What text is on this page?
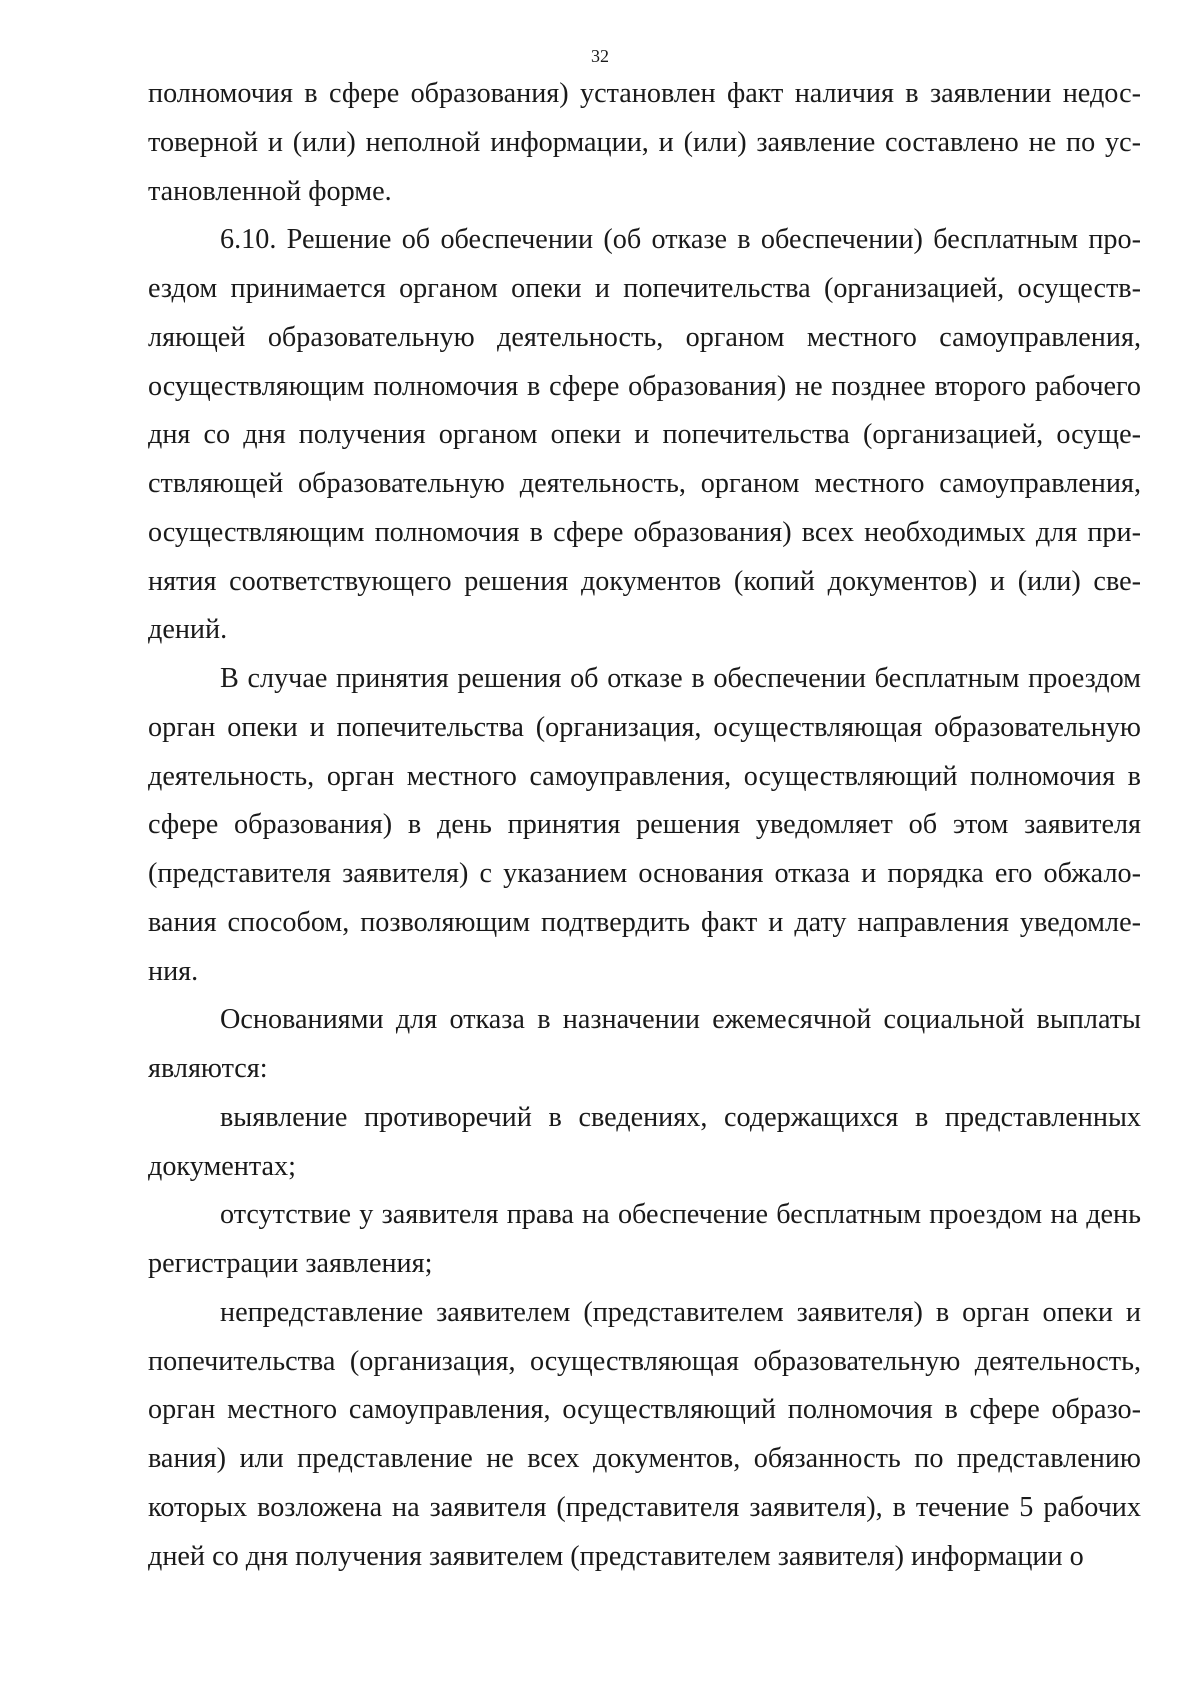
32

полномочия в сфере образования) установлен факт наличия в заявлении недостоверной и (или) неполной информации, и (или) заявление составлено не по установленной форме.

6.10. Решение об обеспечении (об отказе в обеспечении) бесплатным проездом принимается органом опеки и попечительства (организацией, осуществляющей образовательную деятельность, органом местного самоуправления, осуществляющим полномочия в сфере образования) не позднее второго рабочего дня со дня получения органом опеки и попечительства (организацией, осуществляющей образовательную деятельность, органом местного самоуправления, осуществляющим полномочия в сфере образования) всех необходимых для принятия соответствующего решения документов (копий документов) и (или) сведений.

В случае принятия решения об отказе в обеспечении бесплатным проездом орган опеки и попечительства (организация, осуществляющая образовательную деятельность, орган местного самоуправления, осуществляющий полномочия в сфере образования) в день принятия решения уведомляет об этом заявителя (представителя заявителя) с указанием основания отказа и порядка его обжалования способом, позволяющим подтвердить факт и дату направления уведомления.

Основаниями для отказа в назначении ежемесячной социальной выплаты являются:

выявление противоречий в сведениях, содержащихся в представленных документах;

отсутствие у заявителя права на обеспечение бесплатным проездом на день регистрации заявления;

непредставление заявителем (представителем заявителя) в орган опеки и попечительства (организация, осуществляющая образовательную деятельность, орган местного самоуправления, осуществляющий полномочия в сфере образования) или представление не всех документов, обязанность по представлению которых возложена на заявителя (представителя заявителя), в течение 5 рабочих дней со дня получения заявителем (представителем заявителя) информации о
